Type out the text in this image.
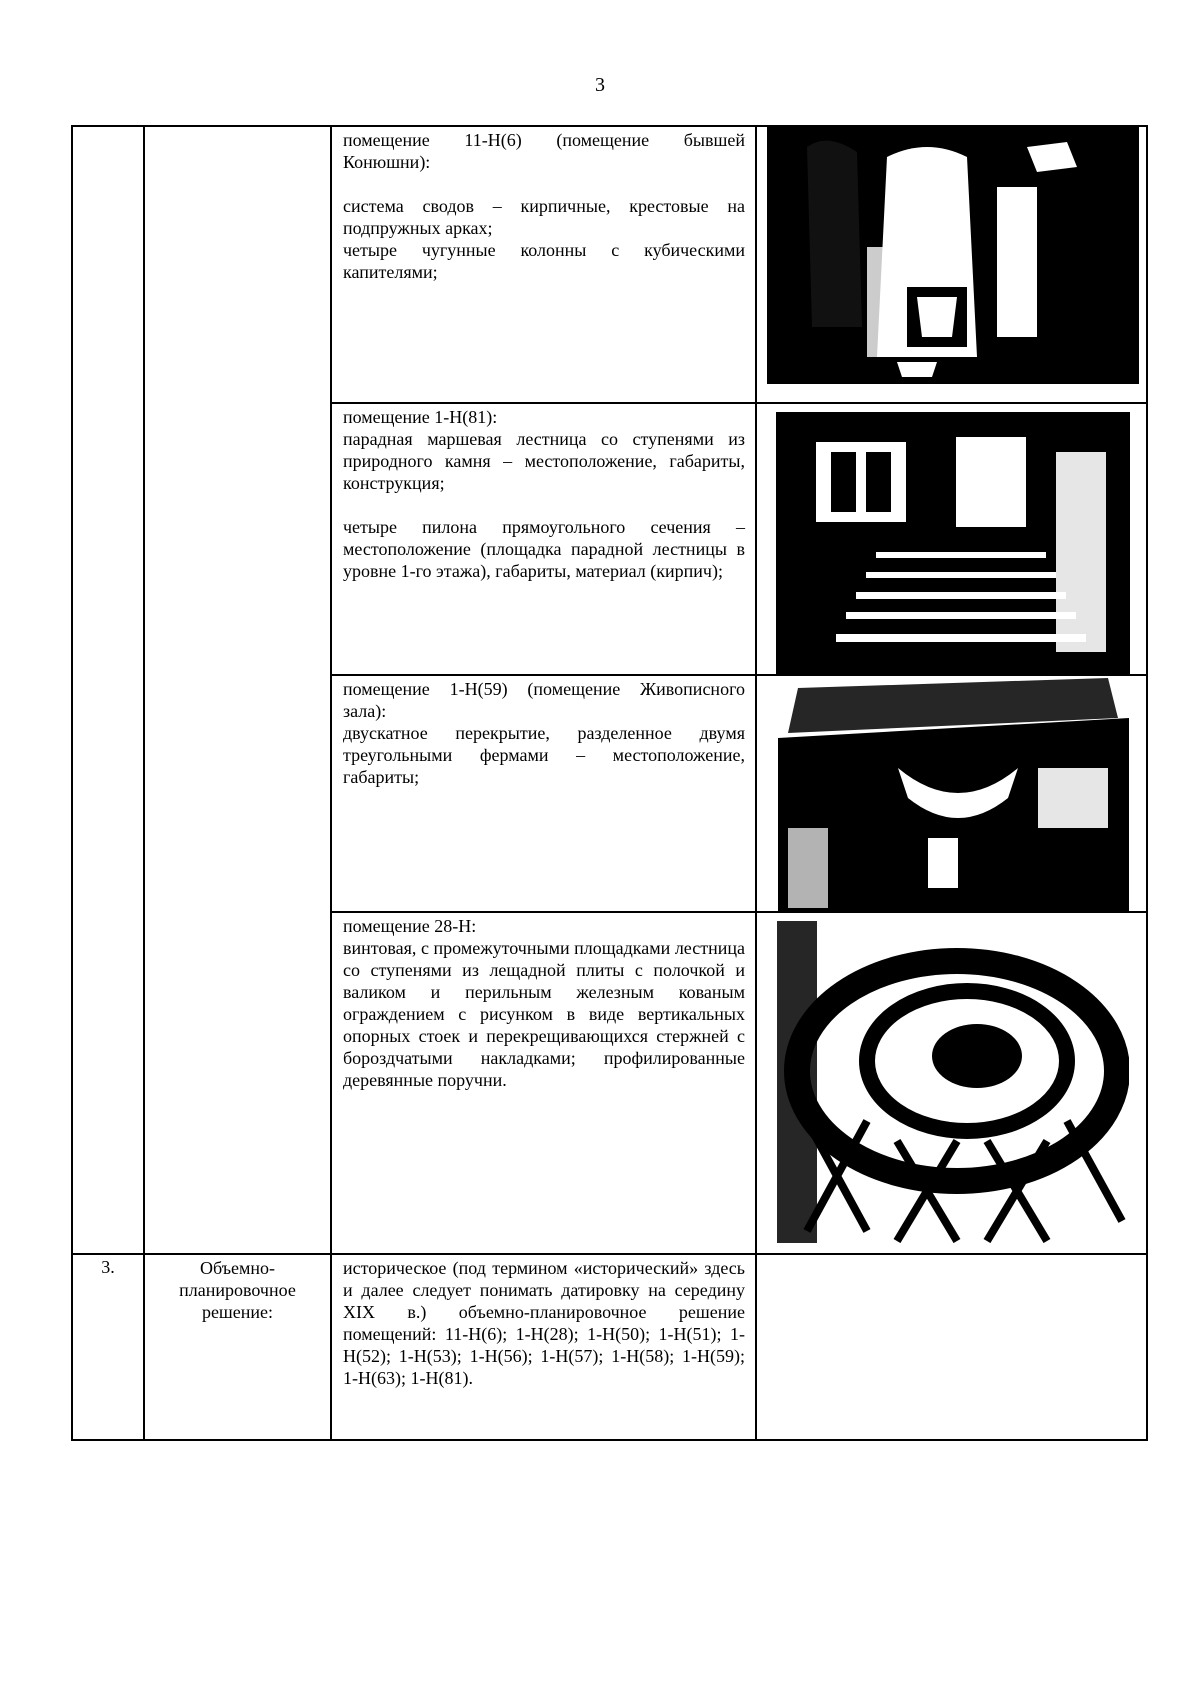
3

		помещение 11-Н(6) (помещение бывшей Конюшни):

система сводов – кирпичные, крестовые на подпружных арках;

четыре чугунные колонны с кубическими капителями;

		помещение 1-Н(81):

парадная маршевая лестница со ступенями из природного камня – местоположение, габариты, конструкция;

четыре пилона прямоугольного сечения – местоположение (площадка парадной лестницы в уровне 1-го этажа), габариты, материал (кирпич);

		помещение 1-Н(59) (помещение Живописного зала):

двускатное перекрытие, разделенное двумя треугольными фермами – местоположение, габариты;

		помещение 28-Н:

винтовая, с промежуточными площадками лестница со ступенями из лещадной плиты с полочкой и валиком и перильным железным кованым ограждением с рисунком в виде вертикальных опорных стоек и перекрещивающихся стержней с бороздчатыми накладками; профилированные деревянные поручни.

3.	Объемно-планировочное решение:	историческое (под термином «исторический» здесь и далее следует понимать датировку на середину XIX в.) объемно-планировочное решение помещений: 11-Н(6); 1-Н(28); 1-Н(50); 1-Н(51); 1-Н(52); 1-Н(53); 1-Н(56); 1-Н(57); 1-Н(58); 1-Н(59); 1-Н(63); 1-Н(81).	
